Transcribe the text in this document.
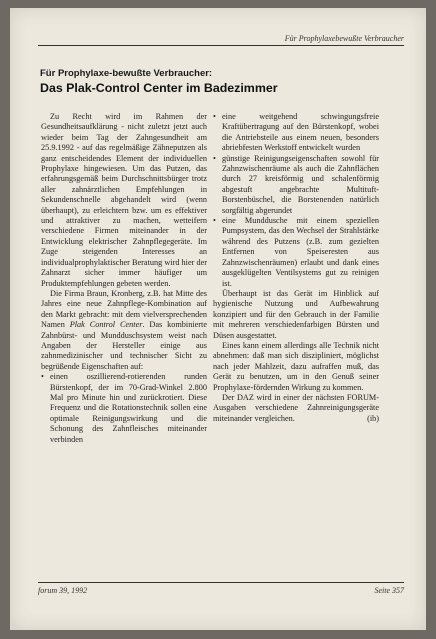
Für Prophylaxebewußte Verbraucher
Für Prophylaxe-bewußte Verbraucher:
Das Plak-Control Center im Badezimmer

Zu Recht wird im Rahmen der Gesundheitsaufklärung - nicht zuletzt jetzt auch wieder beim Tag der Zahngesundheit am 25.9.1992 - auf das regelmäßige Zähneputzen als ganz entscheidendes Element der individuellen Prophylaxe hingewiesen. Um das Putzen, das erfahrungsgemäß beim Durchschnittsbürger trotz aller zahnärztlichen Empfehlungen in Sekundenschnelle abgehandelt wird (wenn überhaupt), zu erleichtern bzw. um es effektiver und attraktiver zu machen, wetteifern verschiedene Firmen miteinander in der Entwicklung elektrischer Zahnpflegegeräte. Im Zuge steigenden Interesses an individualprophylaktischer Beratung wird hier der Zahnarzt sicher immer häufiger um Produktempfehlungen gebeten werden.

Die Firma Braun, Kronberg, z.B. hat Mitte des Jahres eine neue Zahnpflege-Kombination auf den Markt gebracht: mit dem vielversprechenden Namen Plak Control Center. Das kombinierte Zahnbürst- und Mundduschsystem weist nach Angaben der Hersteller einige aus zahnmedizinischer und technischer Sicht zu begrüßende Eigenschaften auf:

• einen oszillierend-rotierenden runden Bürstenkopf, der im 70-Grad-Winkel 2.800 Mal pro Minute hin und zurückrotiert. Diese Frequenz und die Rotationstechnik sollen eine optimale Reinigungswirkung und die Schonung des Zahnfleisches miteinander verbinden
• eine weitgehend schwingungsfreie Kraftübertragung auf den Bürstenkopf, wobei die Antriebsteile aus einem neuen, besonders abriebfesten Werkstoff entwickelt wurden
• günstige Reinigungseigenschaften sowohl für Zahnzwischenräume als auch die Zahnflächen durch 27 kreisförmig und schalenförmig abgestuft angebrachte Multituft-Borstenbüschel, die Borstenenden natürlich sorgfältig abgerundet
• eine Munddusche mit einem speziellen Pumpsystem, das den Wechsel der Strahlstärke während des Putzens (z.B. zum gezielten Entfernen von Speiseresten aus Zahnzwischenräumen) erlaubt und dank eines ausgeklügelten Ventilsystems gut zu reinigen ist.

Überhaupt ist das Gerät im Hinblick auf hygienische Nutzung und Aufbewahrung konzipiert und für den Gebrauch in der Familie mit mehreren verschiedenfarbigen Bürsten und Düsen ausgestattet.

Eines kann einem allerdings alle Technik nicht abnehmen: daß man sich diszipliniert, möglichst nach jeder Mahlzeit, dazu aufraffen muß, das Gerät zu benutzen, um in den Genuß seiner Prophylaxe-fördernden Wirkung zu kommen.

Der DAZ wird in einer der nächsten FORUM-Ausgaben verschiedene Zahnreinigungsgeräte miteinander vergleichen.	(ib)
forum 39, 1992	Seite 357
